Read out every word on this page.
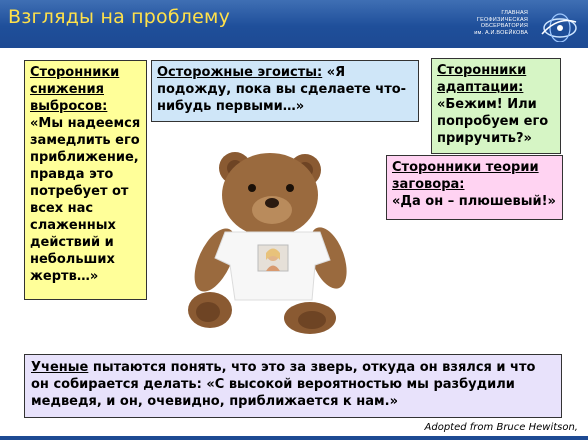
Взгляды на проблему	ГЛАВНАЯ
ГЕОФИЗИЧЕСКАЯ
ОБСЕРВАТОРИЯ
им. А.И.ВОЕЙКОВА
Сторонники снижения выбросов:
«Мы надеемся замедлить его приближение, правда это потребует от всех нас слаженных действий и небольших жертв…»
Осторожные эгоисты: «Я подожду, пока вы сделаете что-нибудь первыми…»
Сторонники адаптации:
«Бежим! Или попробуем его приручить?»
Сторонники теории заговора:
«Да он – плюшевый!»
Ученые пытаются понять, что это за зверь, откуда он взялся и что он собирается делать: «С высокой вероятностью мы разбудили медведя, и он, очевидно, приближается к нам.»
Adopted from Bruce Hewitson,
